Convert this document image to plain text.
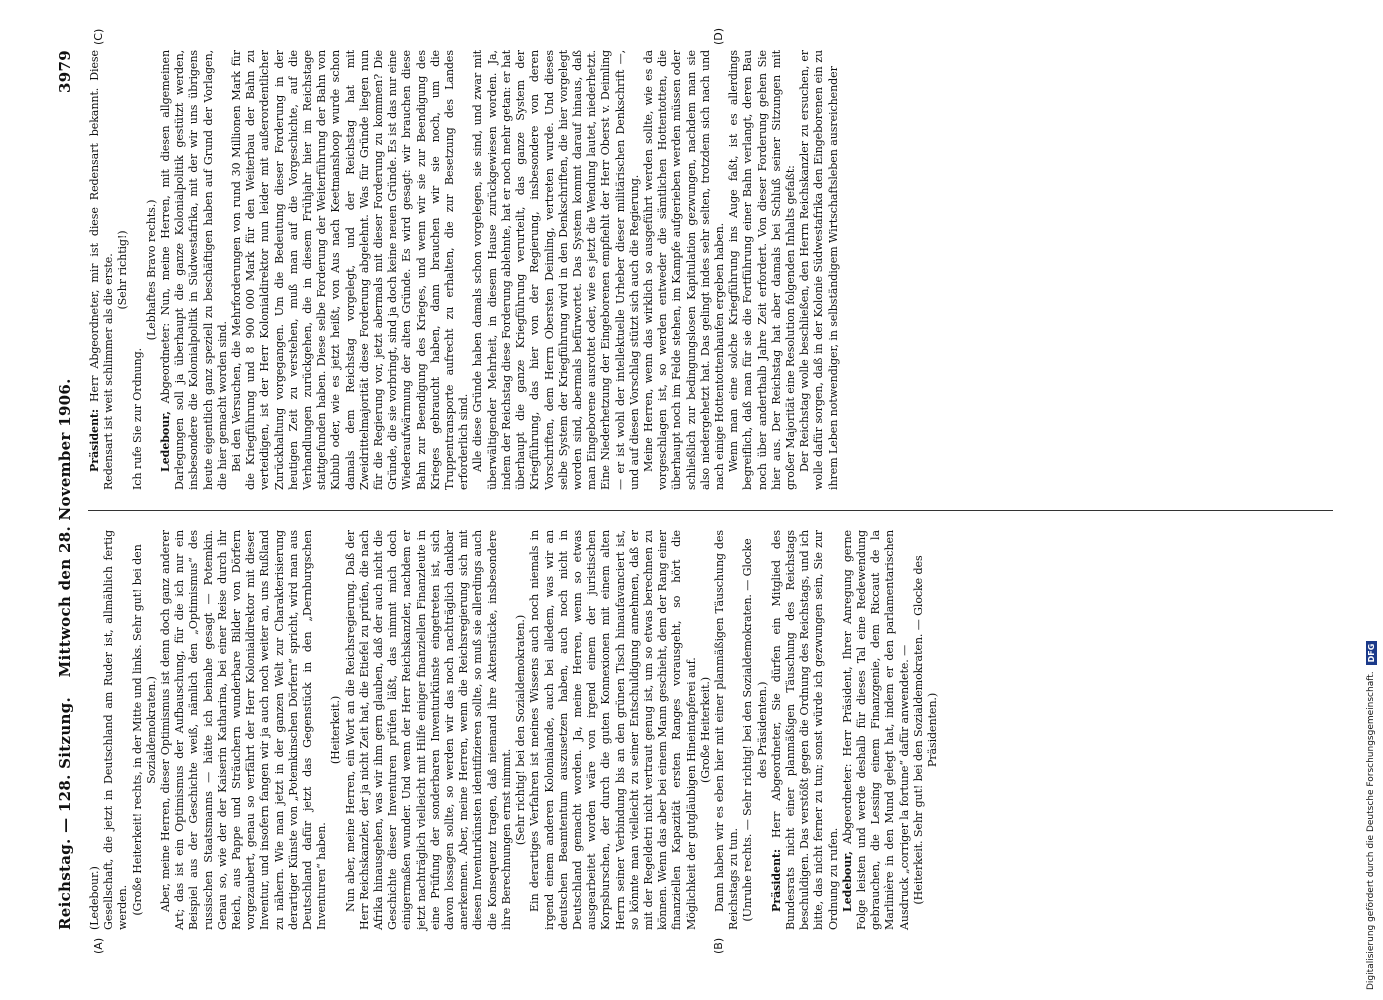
Reichstag. — 128. Sitzung. Mittwoch den 28. November 1906.
3979
(A)	(B)
(C)	(D)

(Ledebour.) Gesellschaft, die jetzt in Deutschland am Ruder ist, allmählich fertig werden. (Große Heiterkeit! rechts, in der Mitte und links. Sehr gut! bei den Sozialdemokraten.) Aber, meine Herren, dieser Optimismus ist denn doch ganz anderer Art; das ist ein Optimismus der Aufbauschung, für die ich nur ein Beispiel aus der Geschichte weiß, nämlich den „Optimismus“ des russischen Staatsmanns — hätte ich beinahe gesagt — Potemkin. Genau so, wie der der Kaiserin Katharina, bei einer Reise durch ihr Reich, aus Pappe und Sträuchern wunderbare Bilder von Dörfern vorgezaubert, genau so verfährt der Herr Kolonialdirektor mit dieser Inventur, und insofern fangen wir ja auch noch weiter an, uns Rußland zu nähern. Wie man jetzt in der ganzen Welt zur Charakterisierung derartiger Künste von „Potemkinschen Dörfern“ spricht, wird man aus Deutschland dafür jetzt das Gegenstück in den „Dernburgschen Inventuren“ haben.

(Heiterkeit.) Nun aber, meine Herren, ein Wort an die Reichsregierung. Daß der Herr Reichskanzler, der ja nicht Zeit hat, die Etiefel zu prüfen, die nach Afrika hinausgehen, was wir ihm gern glauben, daß der auch nicht die Geschichte dieser Inventuren prüfen läßt, das nimmt mich doch einigermaßen wunder. Und wenn der Herr Reichskanzler, nachdem er jetzt nachträglich vielleicht mit Hilfe einiger finanziellen Finanzleute in eine Prüfung der sonderbaren Inventurkünste eingetreten ist, sich davon lossagen sollte, so werden wir das noch nachträglich dankbar anerkennen. Aber, meine Herren, wenn die Reichsregierung sich mit diesen Inventurkünsten identifizieren sollte, so muß sie allerdings auch die Konsequenz tragen, daß niemand ihre Aktenstücke, insbesondere ihre Berechnungen ernst nimmt. (Sehr richtig! bei den Sozialdemokraten.) Ein derartiges Verfahren ist meines Wissens auch noch niemals in irgend einem anderen Kolonialande, auch bei alledem, was wir an deutschen Beamtentum auszusetzen haben, auch noch nicht in Deutschland gemacht worden. Ja, meine Herren, wenn so etwas ausgearbeitet worden wäre von irgend einem der juristischen Korpsburschen, der durch die guten Konnexionen mit einem alten Herrn seiner Verbindung bis an den grünen Tisch hinaufavanciert ist, so könnte man vielleicht zu seiner Entschuldigung annehmen, daß er mit der Regeldetri nicht vertraut genug ist, um so etwas berechnen zu können. Wenn das aber bei einem Mann geschieht, dem der Rang einer finanziellen Kapazität ersten Ranges vorausgeht, so hört die Möglichkeit der gutgläubigen Hineintapferei auf. (Große Heiterkeit.) Dann haben wir es eben hier mit einer planmäßigen Täuschung des Reichstags zu tun. (Unruhe rechts. — Sehr richtig! bei den Sozialdemokraten. — Glocke des Präsidenten.)

Präsident: Herr Abgeordneter, Sie dürfen ein Mitglied des Bundesrats nicht einer planmäßigen Täuschung des Reichstags beschuldigen. Das verstößt gegen die Ordnung des Reichstags, und ich bitte, das nicht ferner zu tun; sonst würde ich gezwungen sein, Sie zur Ordnung zu rufen. Ledebour, Abgeordneter: Herr Präsident, Ihrer Anregung gerne Folge leisten und werde deshalb für dieses Tal eine Redewendung gebrauchen, die Lessing einem Finanzgenie, dem Riccaut de la Marlinière in den Mund gelegt hat, indem er den parlamentarischen Ausdruck „corriger la fortune“ dafür anwendete. — (Heiterkeit. Sehr gut! bei den Sozialdemokraten. — Glocke des Präsidenten.)

Präsident: Herr Abgeordneter, mir ist diese Redensart bekannt. Diese Redensart ist weit schlimmer als die erste. (Sehr richtig!)

Ich rufe Sie zur Ordnung.

(Lebhaftes Bravo rechts.)

Ledebour, Abgeordneter: Nun, meine Herren, mit diesen allgemeinen Darlegungen soll ja überhaupt die ganze Kolonialpolitik gestützt werden, insbesondere die Kolonialpolitik in Südwestafrika, mit der wir uns übrigens heute eigentlich ganz speziell zu beschäftigen haben auf Grund der Vorlagen, die hier gemacht worden sind. Bei den Versuchen, die Mehrforderungen von rund 30 Millionen Mark für die Kriegführung und 8 900 000 Mark für den Weiterbau der Bahn zu verteidigen, ist der Herr Kolonialdirektor nun leider mit außerordentlicher Zurückhaltung vorgegangen. Um die Bedeutung dieser Forderung in der heutigen Zeit zu verstehen, muß man auf die Vorgeschichte, auf die Verhandlungen zurückgehen, die in diesem Frühjahr hier im Reichstage stattgefunden haben. Diese selbe Forderung der Weiterführung der Bahn von Kubub oder, wie es jetzt heißt, von Aus nach Keetmanshoop wurde schon damals dem Reichstag vorgelegt, und der Reichstag hat mit Zweidrittelmajorität diese Forderung abgelehnt. Was für Gründe liegen nun für die Regierung vor, jetzt abermals mit dieser Forderung zu kommen? Die Gründe, die sie vorbringt, sind ja doch keine neuen Gründe. Es ist das nur eine Wiederaufwärmung der alten Gründe. Es wird gesagt: wir brauchen diese Bahn zur Beendigung des Krieges, und wenn wir sie zur Beendigung des Krieges gebraucht haben, dann brauchen wir sie noch, um die Truppentransporte aufrecht zu erhalten, die zur Besetzung des Landes erforderlich sind. Alle diese Gründe haben damals schon vorgelegen, sie sind, und zwar mit überwältigender Mehrheit, in diesem Hause zurückgewiesen worden. Ja, indem der Reichstag diese Forderung ablehnte, hat er noch mehr getan: er hat überhaupt die ganze Kriegführung verurteilt, das ganze System der Kriegführung, das hier von der Regierung, insbesondere von deren Vorschriften, dem Herrn Obersten Deimling, vertreten wurde. Und dieses selbe System der Kriegführung wird in den Denkschriften, die hier vorgelegt worden sind, abermals befürwortet. Das System kommt darauf hinaus, daß man Eingeborene ausrottet oder, wie es jetzt die Wendung lautet, niederhetzt. Eine Niederhetzung der Eingeborenen empfiehlt der Herr Oberst v. Deimling — er ist wohl der intellektuelle Urheber dieser militärischen Denkschrift —, und auf diesen Vorschlag stützt sich auch die Regierung. Meine Herren, wenn das wirklich so ausgeführt werden sollte, wie es da vorgeschlagen ist, so werden entweder die sämtlichen Hottentotten, die überhaupt noch im Felde stehen, im Kampfe aufgerieben werden müssen oder schließlich zur bedingungslosen Kapitulation gezwungen, nachdem man sie also niedergehetzt hat. Das gelingt indes sehr selten, trotzdem sich nach und nach einige Hottentottenhaufen ergeben haben. Wenn man eine solche Kriegführung ins Auge faßt, ist es allerdings begreiflich, daß man für sie die Fortführung einer Bahn verlangt, deren Bau noch über anderthalb Jahre Zeit erfordert. Von dieser Forderung gehen Sie hier aus. Der Reichstag hat aber damals bei Schluß seiner Sitzungen mit großer Majorität eine Resolution folgenden Inhalts gefaßt: Der Reichstag wolle beschließen, den Herrn Reichskanzler zu ersuchen, er wolle dafür sorgen, daß in der Kolonie Südwestafrika den Eingeborenen ein zu ihrem Leben notwendiger, in selbständigem Wirtschaftsleben ausreichender

Digitalisierung gefördert durch die Deutsche Forschungsgemeinschaft.
DFG
